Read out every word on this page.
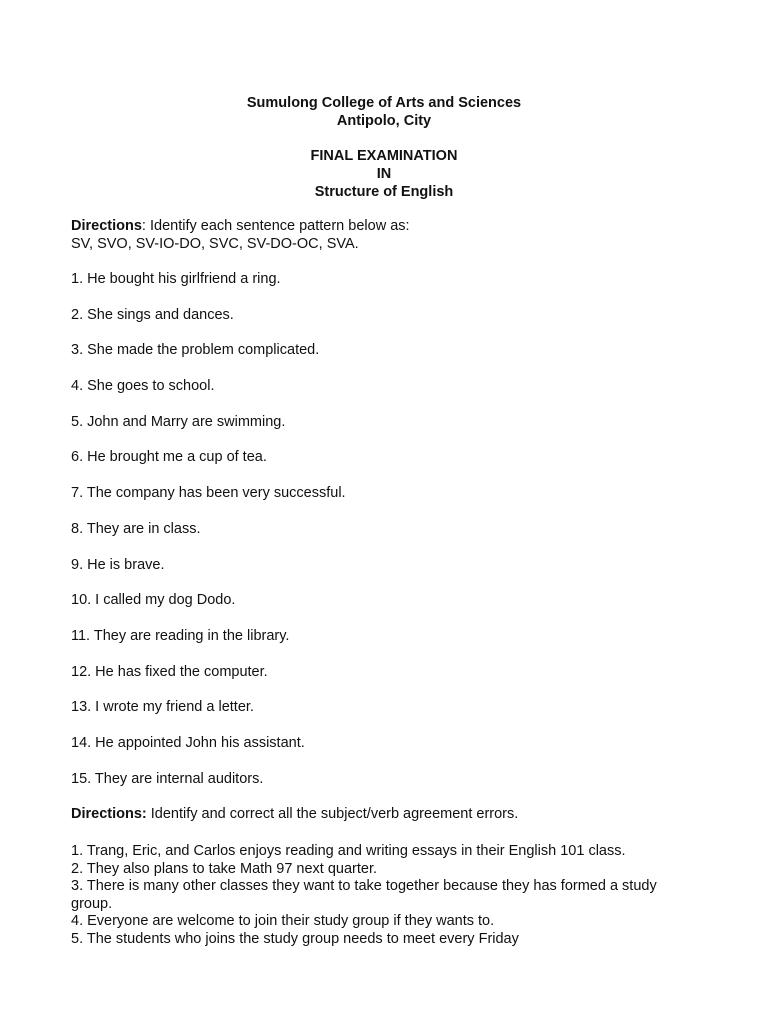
Sumulong College of Arts and Sciences
Antipolo, City
FINAL EXAMINATION
IN
Structure of English
Directions: Identify each sentence pattern below as:
SV, SVO, SV-IO-DO, SVC, SV-DO-OC, SVA.
1. He bought his girlfriend a ring.
2. She sings and dances.
3. She made the problem complicated.
4. She goes to school.
5. John and Marry are swimming.
6. He brought me a cup of tea.
7. The company has been very successful.
8. They are in class.
9. He is brave.
10. I called my dog Dodo.
11. They are reading in the library.
12. He has fixed the computer.
13. I wrote my friend a letter.
14. He appointed John his assistant.
15. They are internal auditors.
Directions: Identify and correct all the subject/verb agreement errors.
1. Trang, Eric, and Carlos enjoys reading and writing essays in their English 101 class.
2. They also plans to take Math 97 next quarter.
3. There is many other classes they want to take together because they has formed a study
group.
4. Everyone are welcome to join their study group if they wants to.
5. The students who joins the study group needs to meet every Friday
